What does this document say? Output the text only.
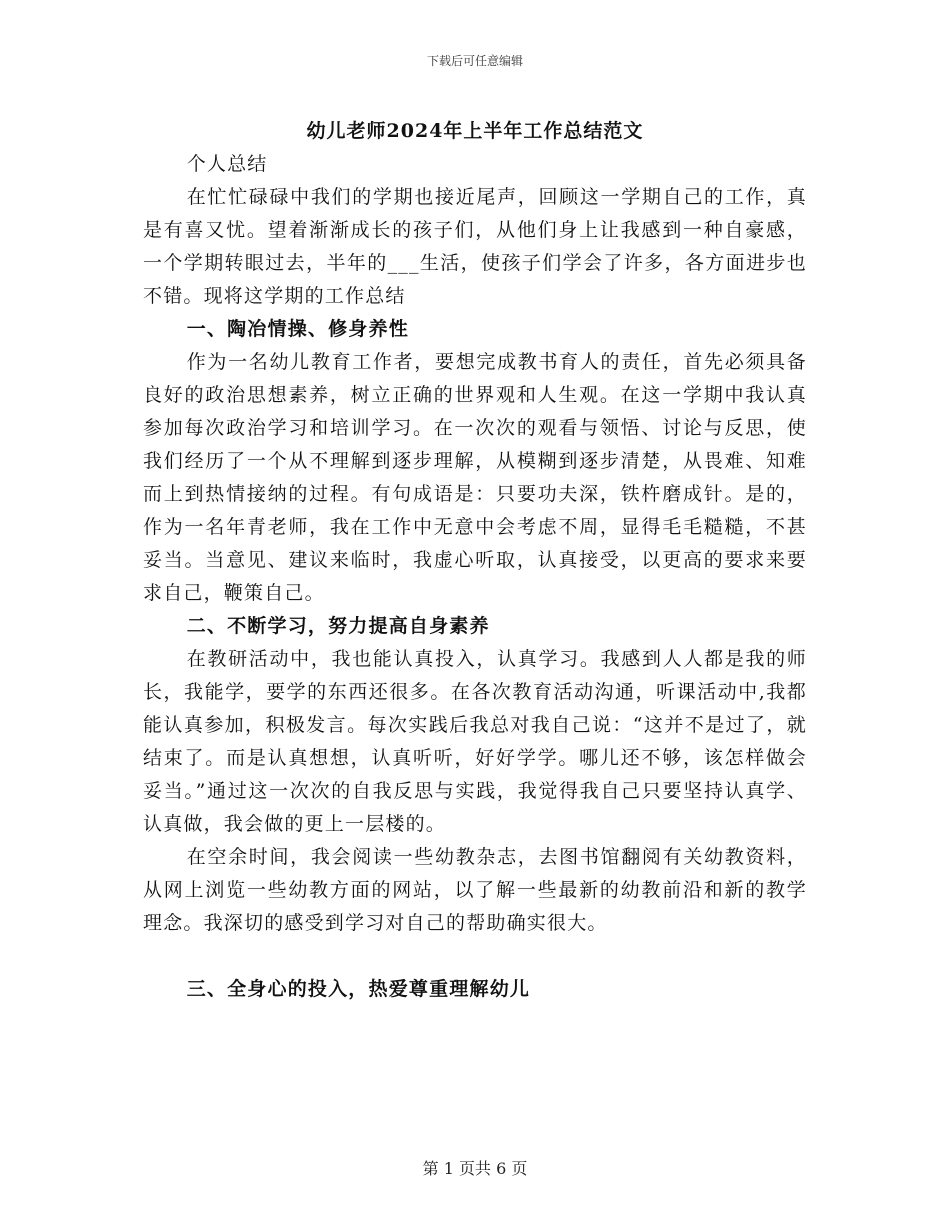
下载后可任意编辑
幼儿老师2024年上半年工作总结范文

个人总结

在忙忙碌碌中我们的学期也接近尾声，回顾这一学期自己的工作，真是有喜又忧。望着渐渐成长的孩子们，从他们身上让我感到一种自豪感，一个学期转眼过去，半年的___生活，使孩子们学会了许多，各方面进步也不错。现将这学期的工作总结

一、陶冶情操、修身养性

作为一名幼儿教育工作者，要想完成教书育人的责任，首先必须具备良好的政治思想素养，树立正确的世界观和人生观。在这一学期中我认真参加每次政治学习和培训学习。在一次次的观看与领悟、讨论与反思，使我们经历了一个从不理解到逐步理解，从模糊到逐步清楚，从畏难、知难而上到热情接纳的过程。有句成语是：只要功夫深，铁杵磨成针。是的，作为一名年青老师，我在工作中无意中会考虑不周，显得毛毛糙糙，不甚妥当。当意见、建议来临时，我虚心听取，认真接受，以更高的要求来要求自己，鞭策自己。

二、不断学习，努力提高自身素养

在教研活动中，我也能认真投入，认真学习。我感到人人都是我的师长，我能学，要学的东西还很多。在各次教育活动沟通，听课活动中,我都能认真参加，积极发言。每次实践后我总对我自己说：“这并不是过了，就结束了。而是认真想想，认真听听，好好学学。哪儿还不够，该怎样做会妥当。”通过这一次次的自我反思与实践，我觉得我自己只要坚持认真学、认真做，我会做的更上一层楼的。

在空余时间，我会阅读一些幼教杂志，去图书馆翻阅有关幼教资料，从网上浏览一些幼教方面的网站，以了解一些最新的幼教前沿和新的教学理念。我深切的感受到学习对自己的帮助确实很大。

三、全身心的投入，热爱尊重理解幼儿

第 1 页共 6 页
